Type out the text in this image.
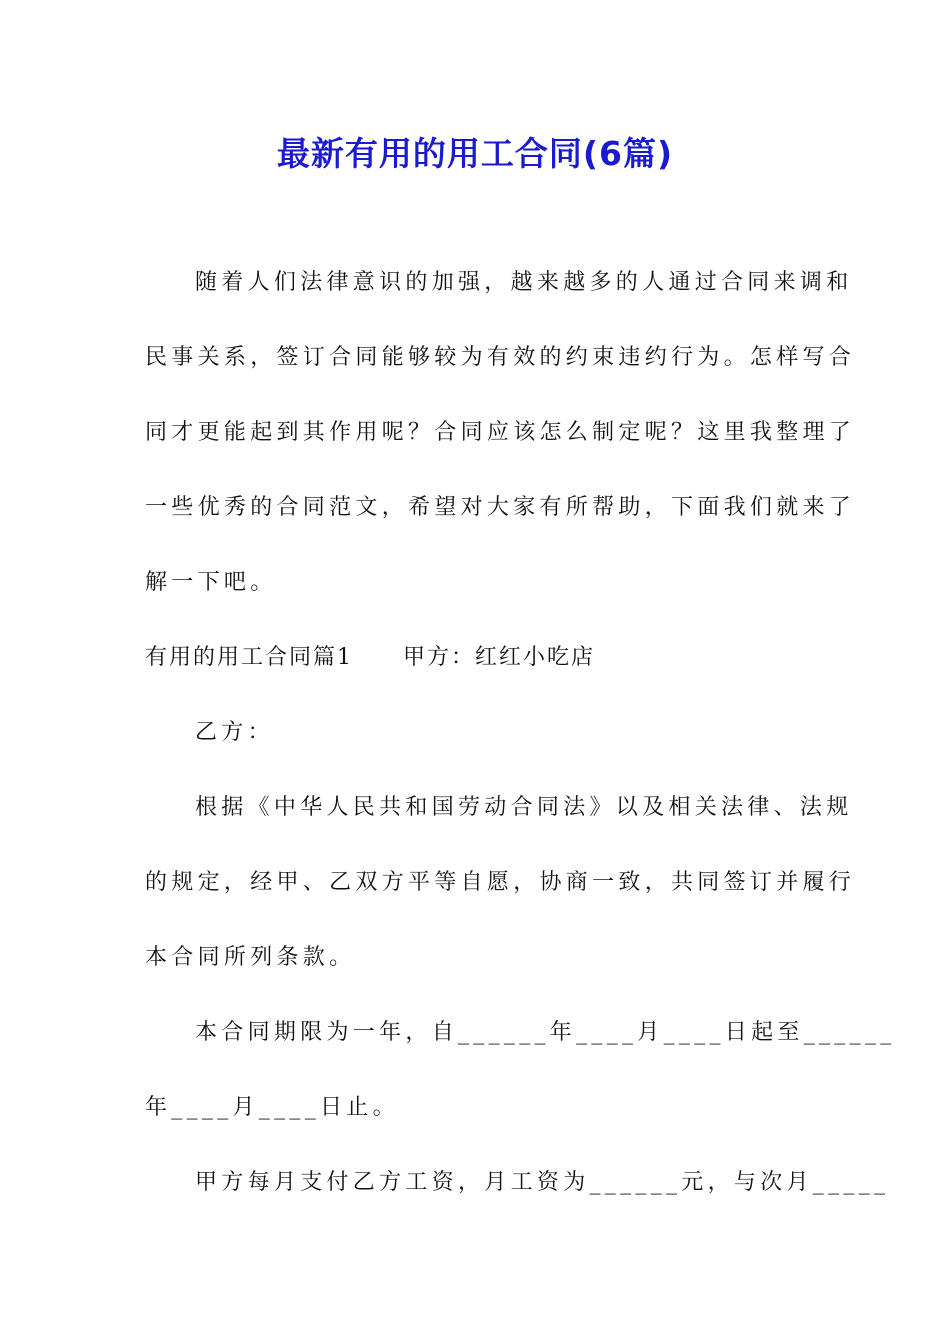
最新有用的用工合同(6篇)
随着人们法律意识的加强，越来越多的人通过合同来调和
民事关系，签订合同能够较为有效的约束违约行为。怎样写合
同才更能起到其作用呢？合同应该怎么制定呢？这里我整理了
一些优秀的合同范文，希望对大家有所帮助，下面我们就来了
解一下吧。
有用的用工合同篇1 甲方：红红小吃店
乙方：
根据《中华人民共和国劳动合同法》以及相关法律、法规
的规定，经甲、乙双方平等自愿，协商一致，共同签订并履行
本合同所列条款。
本合同期限为一年，自______年____月____日起至______
年____月____日止。
甲方每月支付乙方工资，月工资为______元，与次月_____
